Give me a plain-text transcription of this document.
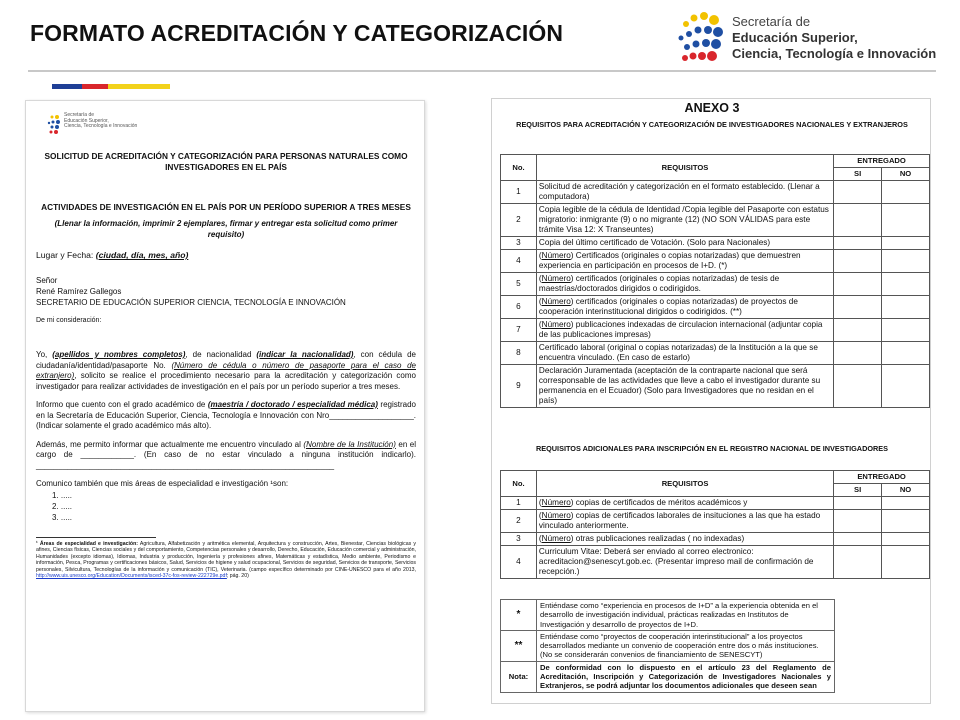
FORMATO ACREDITACIÓN Y CATEGORIZACIÓN	Secretaría de
Educación Superior,
Ciencia, Tecnología e Innovación
Secretaría de
Educación Superior,
Ciencia, Tecnología e Innovación
SOLICITUD DE ACREDITACIÓN Y CATEGORIZACIÓN PARA PERSONAS NATURALES COMO INVESTIGADORES EN EL PAÍS
ACTIVIDADES DE INVESTIGACIÓN EN EL PAÍS POR UN PERÍODO SUPERIOR A TRES MESES
(Llenar la información, imprimir 2 ejemplares, firmar y entregar esta solicitud como primer requisito)
Lugar y Fecha: (ciudad, día, mes, año)
Señor
René Ramírez Gallegos
SECRETARIO DE EDUCACIÓN SUPERIOR CIENCIA, TECNOLOGÍA E INNOVACIÓN
De mi consideración:
Yo, (apellidos y nombres completos), de nacionalidad (indicar la nacionalidad), con cédula de ciudadanía/identidad/pasaporte No. (Número de cédula o número de pasaporte para el caso de extranjero), solicito se realice el procedimiento necesario para la acreditación y categorización como investigador para realizar actividades de investigación en el país por un período superior a tres meses.
Informo que cuento con el grado académico de (maestría / doctorado / especialidad médica) registrado en la Secretaría de Educación Superior, Ciencia, Tecnología e Innovación con Nro___________________. (Indicar solamente el grado académico más alto).
Además, me permito informar que actualmente me encuentro vinculado al (Nombre de la Institución) en el cargo de ____________. (En caso de no estar vinculado a ninguna institución indicarlo). ___________________________________________________________________
Comunico también que mis áreas de especialidad e investigación ¹son:
1. .....
2. .....
3. .....
¹ Áreas de especialidad e investigación: Agricultura, Alfabetización y aritmética elemental, Arquitectura y construcción, Artes, Bienestar, Ciencias biológicas y afines, Ciencias físicas, Ciencias sociales y del comportamiento, Competencias personales y desarrollo, Derecho, Educación, Educación comercial y administración, Humanidades (excepto idiomas), Idiomas, Industria y producción, Ingeniería y profesiones afines, Matemáticas y estadística, Medio ambiente, Periodismo e información, Pesca, Programas y certificaciones básicos, Salud, Servicios de higiene y salud ocupacional, Servicios de seguridad, Servicios de transporte, Servicios personales, Silvicultura, Tecnologías de la información y comunicación (TIC), Veterinaria. (campo específico determinado por CINE-UNESCO para el año 2013, http://www.uis.unesco.org/Education/Documents/isced-37c-fos-review-222729e.pdf; pág. 20)
ANEXO 3
REQUISITOS PARA ACREDITACIÓN Y CATEGORIZACIÓN DE INVESTIGADORES NACIONALES Y EXTRANJEROS
No.	REQUISITOS	ENTREGADO	
		SI	NO
1	Solicitud de acreditación y categorización en el formato establecido. (Llenar a computadora)		
2	Copia legible de la cédula de Identidad /Copia legible del Pasaporte con estatus migratorio: inmigrante (9) o no migrante (12) (NO SON VÁLIDAS para este trámite Visa 12: X Transeuntes)		
3	Copia del último certificado de Votación. (Solo para Nacionales)		
4	(Número) Certificados (originales o copias notarizadas) que demuestren experiencia en participación en procesos de I+D. (*)		
5	(Número) certificados (originales o copias notarizadas) de tesis de maestrías/doctorados dirigidos o codirigidos.		
6	(Número) certificados (originales o copias notarizadas) de proyectos de cooperación interinstitucional dirigidos o codirigidos. (**)		
7	(Número) publicaciones indexadas de circulacion internacional (adjuntar copia de las publicaciones impresas)		
8	Certificado laboral (original o copias notarizadas) de la Institución a la que se encuentra vinculado. (En caso de estarlo)		
9	Declaración Juramentada (aceptación de la contraparte nacional que será corresponsable de las actividades que lleve a cabo el investigador durante su permanencia en el Ecuador) (Solo para Investigadores que no residan en el país)		
REQUISITOS ADICIONALES PARA INSCRIPCIÓN EN EL REGISTRO NACIONAL DE INVESTIGADORES
No.	REQUISITOS	ENTREGADO	
		SI	NO
1	(Número) copias de certificados de méritos académicos y		
2	(Número) copias de certificados laborales de insituciones a las que ha estado vinculado anteriormente.		
3	(Número) otras publicaciones realizadas ( no indexadas)		
4	Curriculum Vitae: Deberá ser enviado al correo electronico: acreditacion@senescyt.gob.ec. (Presentar impreso mail de confirmación de recepción.)		
*	Entiéndase como “experiencia en procesos de I+D” a la experiencia obtenida en el desarrollo de investigación individual, prácticas realizadas en Institutos de Investigación y desarrollo de proyectos de I+D.
**	Entiéndase como “proyectos de cooperación interinstitucional” a los proyectos desarrollados mediante un convenio de cooperación entre dos o más instituciones. (No se considerarán convenios de financiamiento de SENESCYT)
Nota:	De conformidad con lo dispuesto en el artículo 23 del Reglamento de Acreditación, Inscripción y Categorización de Investigadores Nacionales y Extranjeros, se podrá adjuntar los documentos adicionales que deseen sean
